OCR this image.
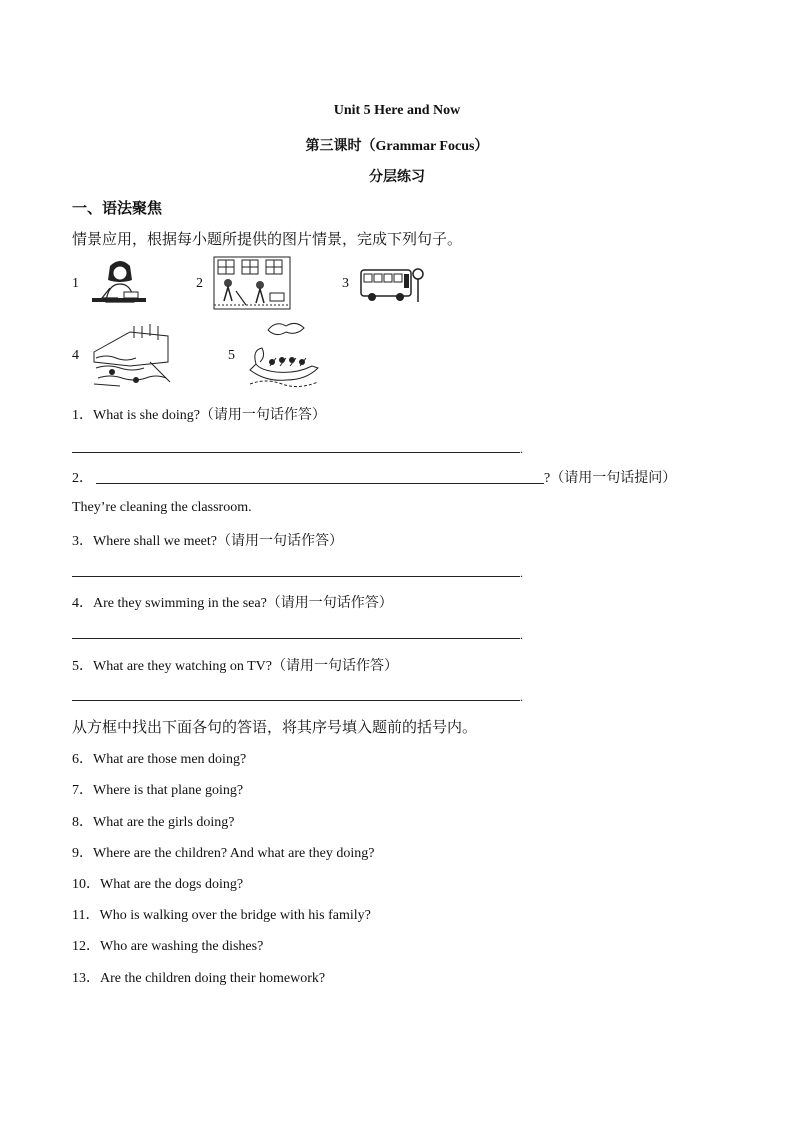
Unit 5 Here and Now
第三课时（Grammar Focus）
分层练习
一、语法聚焦
情景应用，根据每小题所提供的图片情景，完成下列句子。
1	2	3
4	5
1．What is she doing?（请用一句话作答）
.
2．	?（请用一句话提问）
They’re cleaning the classroom.
3．Where shall we meet?（请用一句话作答）
.
4．Are they swimming in the sea?（请用一句话作答）
.
5．What are they watching on TV?（请用一句话作答）
.
从方框中找出下面各句的答语，将其序号填入题前的括号内。
6．What are those men doing?
7．Where is that plane going?
8．What are the girls doing?
9．Where are the children? And what are they doing?
10．What are the dogs doing?
11．Who is walking over the bridge with his family?
12．Who are washing the dishes?
13．Are the children doing their homework?
